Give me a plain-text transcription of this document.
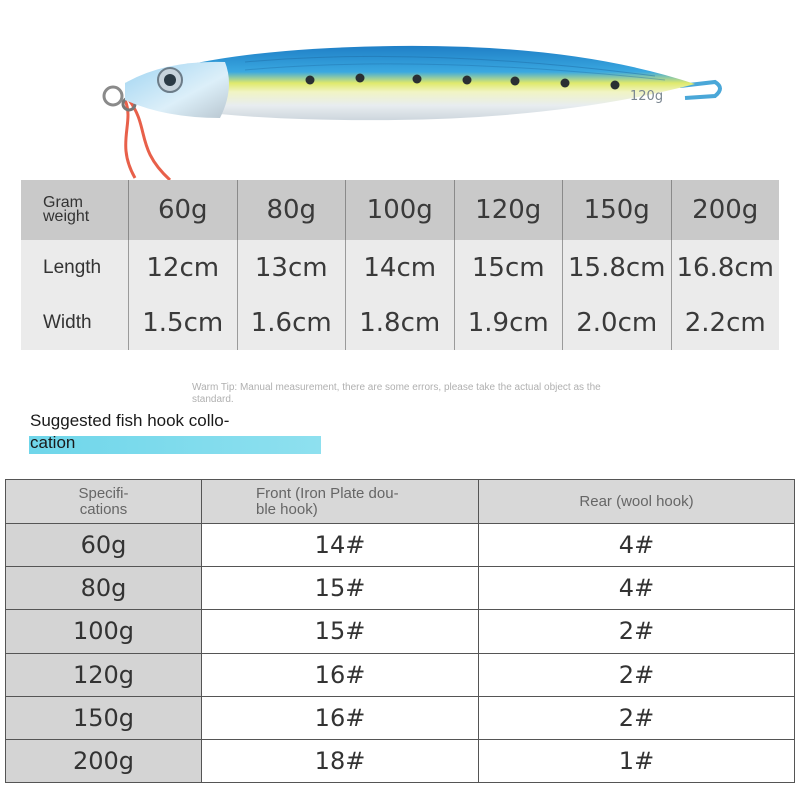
120g
Gram
weight	60g	80g	100g	120g	150g	200g
Length	12cm	13cm	14cm	15cm 15.8cm 16.8cm
Width	1.5cm	1.6cm	1.8cm	1.9cm	2.0cm	2.2cm
Warm Tip: Manual measurement, there are some errors, please take the actual object as the standard.
Suggested fish hook collo-
cation
Specifi-
cations	Front (Iron Plate dou-
ble hook)	Rear (wool hook)
60g	14#	4#
80g	15#	4#
100g	15#	2#
120g	16#	2#
150g	16#	2#
200g	18#	1#
